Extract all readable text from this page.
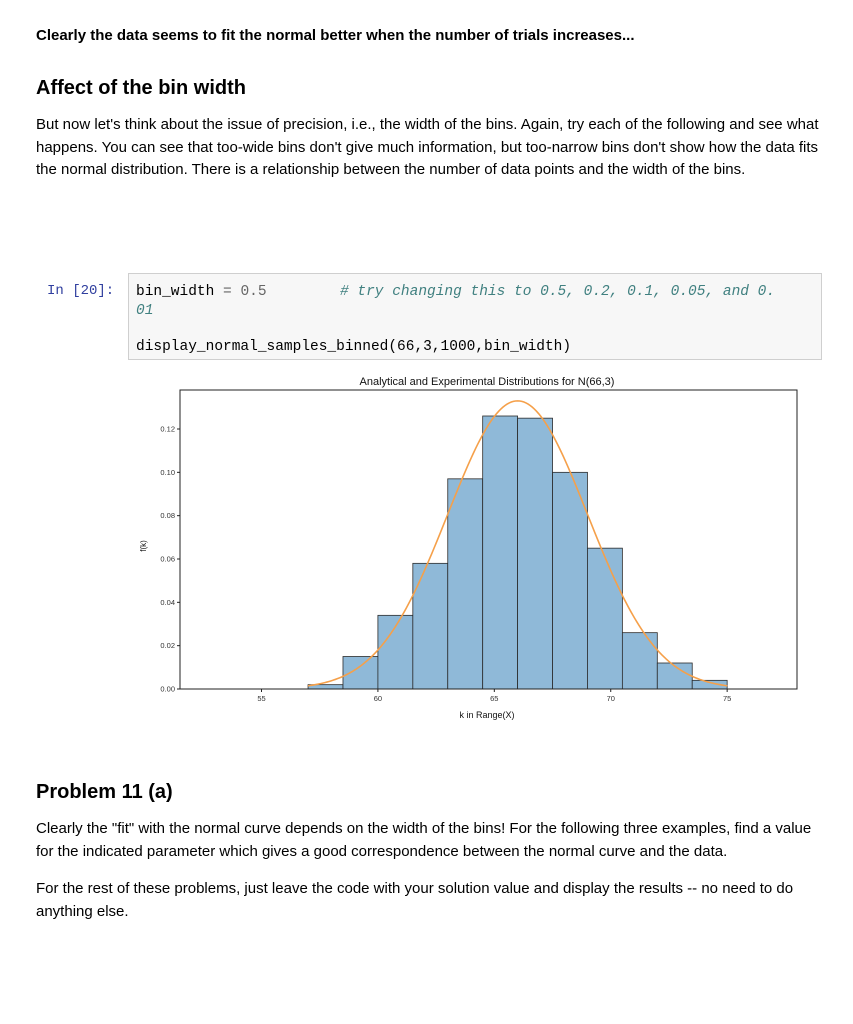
Clearly the data seems to fit the normal better when the number of trials increases...
Affect of the bin width
But now let's think about the issue of precision, i.e., the width of the bins. Again, try each of the following and see what happens. You can see that too-wide bins don't give much information, but too-narrow bins don't show how the data fits the normal distribution. There is a relationship between the number of data points and the width of the bins.
In [20]: bin_width = 0.5	# try changing this to 0.5, 0.2, 0.1, 0.05, and 0.
01
display_normal_samples_binned(66,3,1000,bin_width)
Analytical and Experimental Distributions for N(66,3)
55	60	65	70	75
0.00
0.02
0.04
0.06
0.08
0.10
0.12
k in Range(X)
f(k)
Problem 11 (a)
Clearly the "fit" with the normal curve depends on the width of the bins! For the following three examples, find a value for the indicated parameter which gives a good correspondence between the normal curve and the data.
For the rest of these problems, just leave the code with your solution value and display the results -- no need to do anything else.
